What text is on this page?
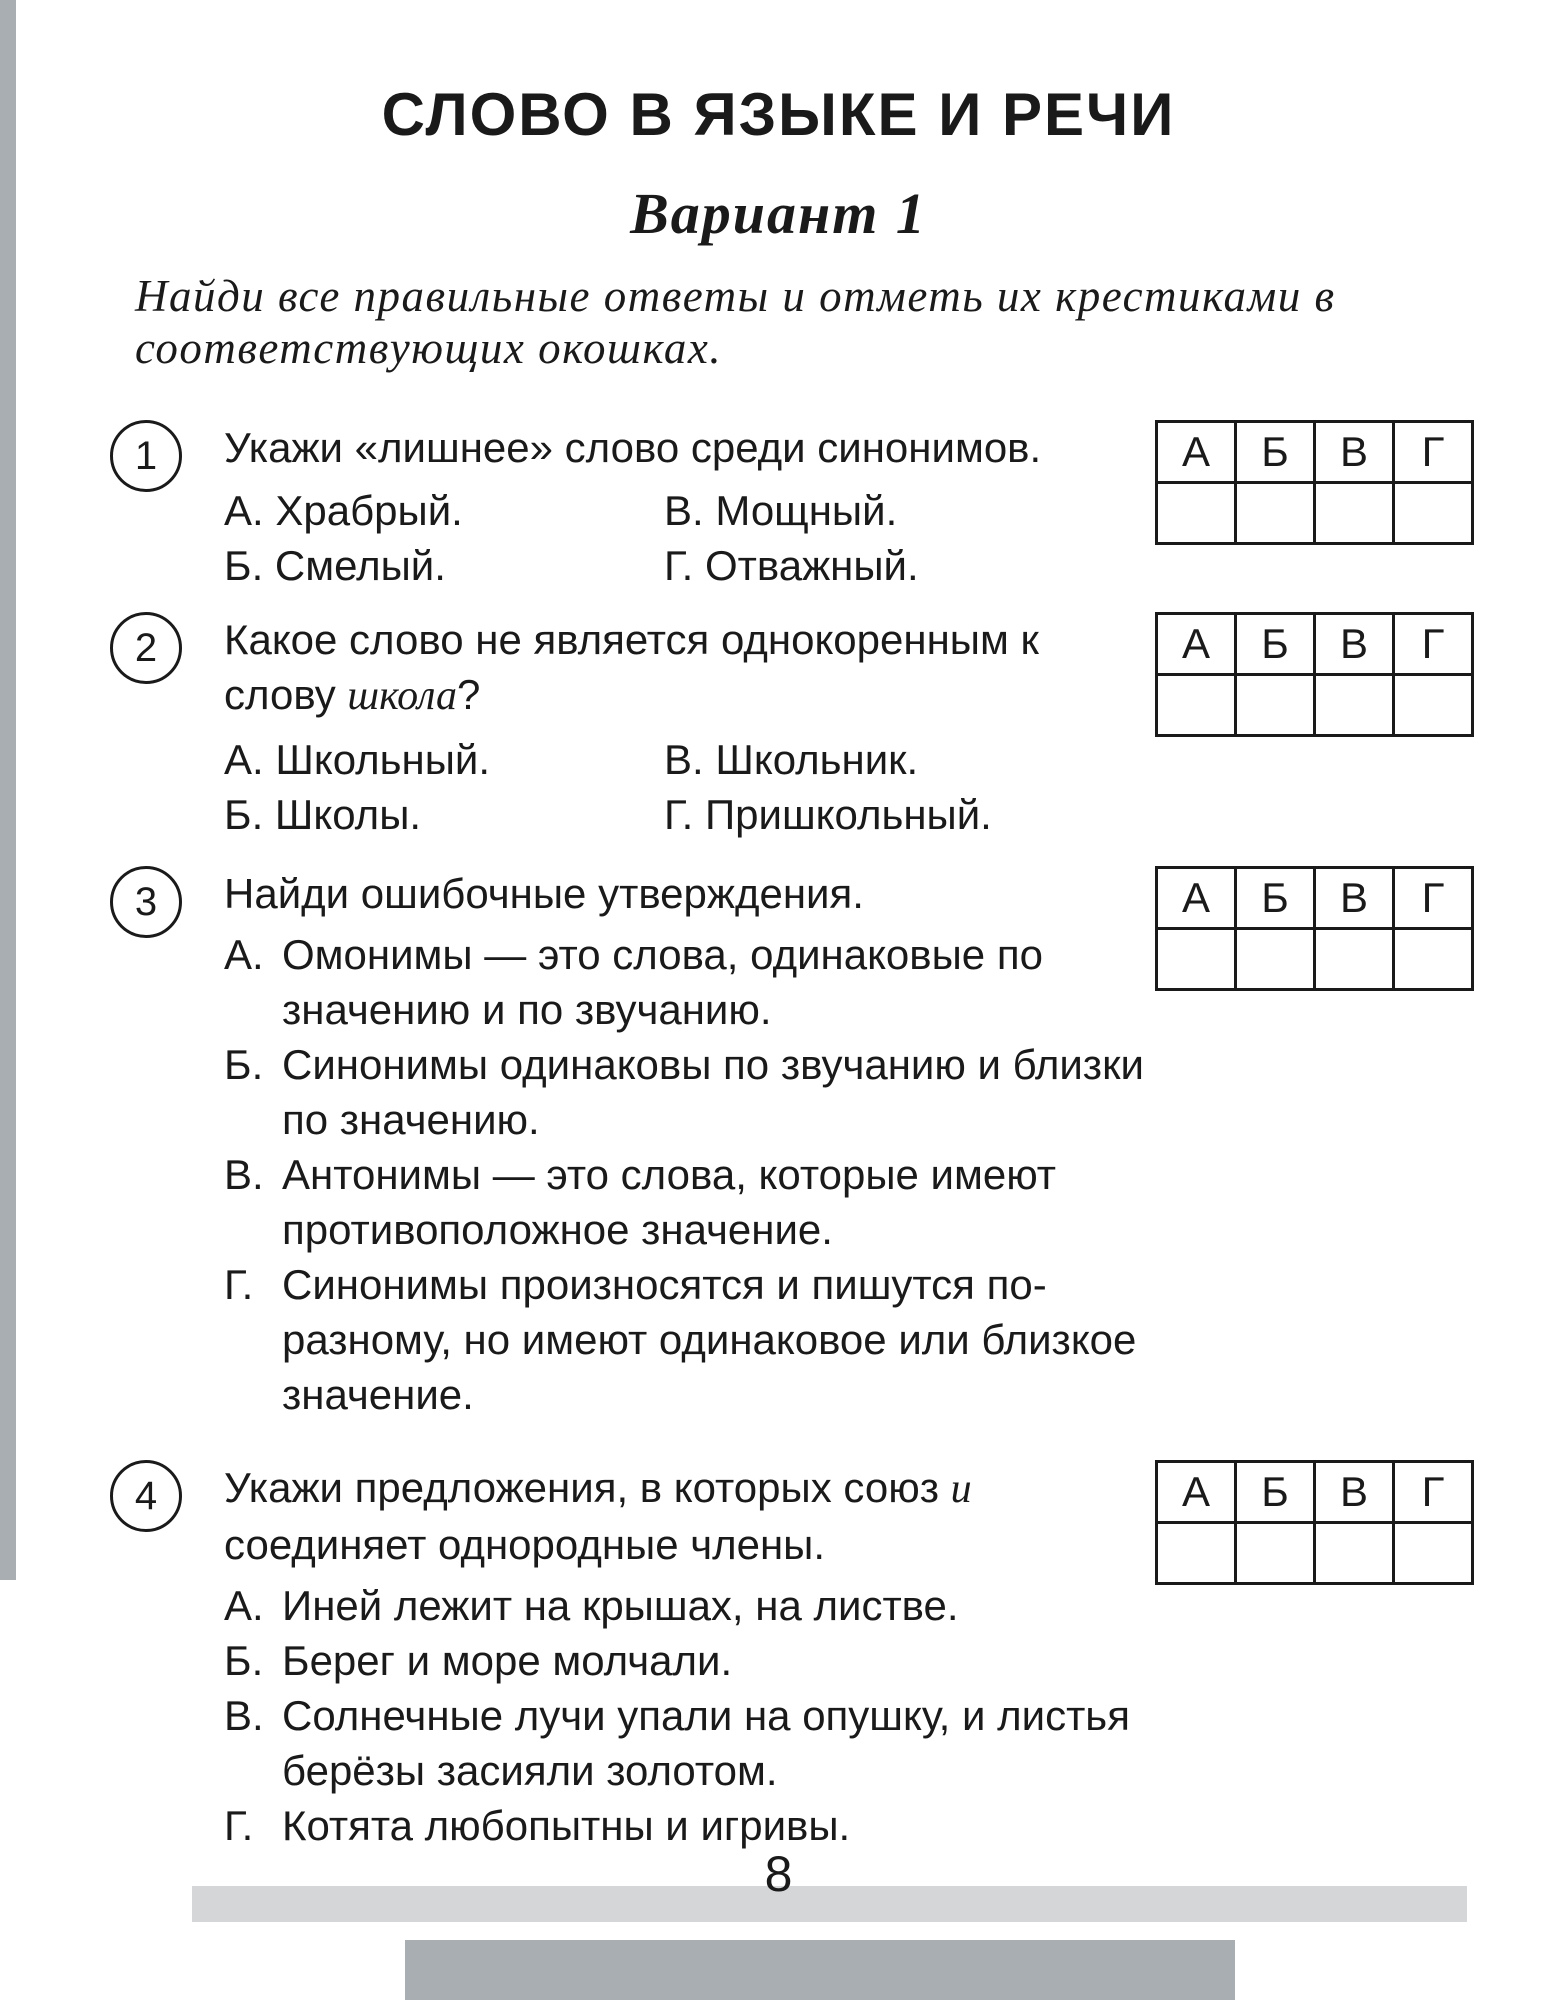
СЛОВО В ЯЗЫКЕ И РЕЧИ
Вариант 1
Найди все правильные ответы и отметь их крестиками в соответствующих окошках.
1	Укажи «лишнее» слово среди синонимов.
А. Храбрый.	В. Мощный.
Б. Смелый.	Г. Отважный.
А	Б	В	Г

2	Какое слово не является однокоренным к слову школа?
А. Школьный.	В. Школьник.
Б. Школы.	Г. Пришкольный.
А	Б	В	Г

3	Найди ошибочные утверждения.
А. Омонимы — это слова, одинаковые по значению и по звучанию.
Б. Синонимы одинаковы по звучанию и близки по значению.
В. Антонимы — это слова, которые имеют противоположное значение.
Г. Синонимы произносятся и пишутся по-разному, но имеют одинаковое или близкое значение.
А	Б	В	Г

4	Укажи предложения, в которых союз и соединяет однородные члены.
А. Иней лежит на крышах, на листве.
Б. Берег и море молчали.
В. Солнечные лучи упали на опушку, и листья берёзы засияли золотом.
Г. Котята любопытны и игривы.
А	Б	В	Г

8
